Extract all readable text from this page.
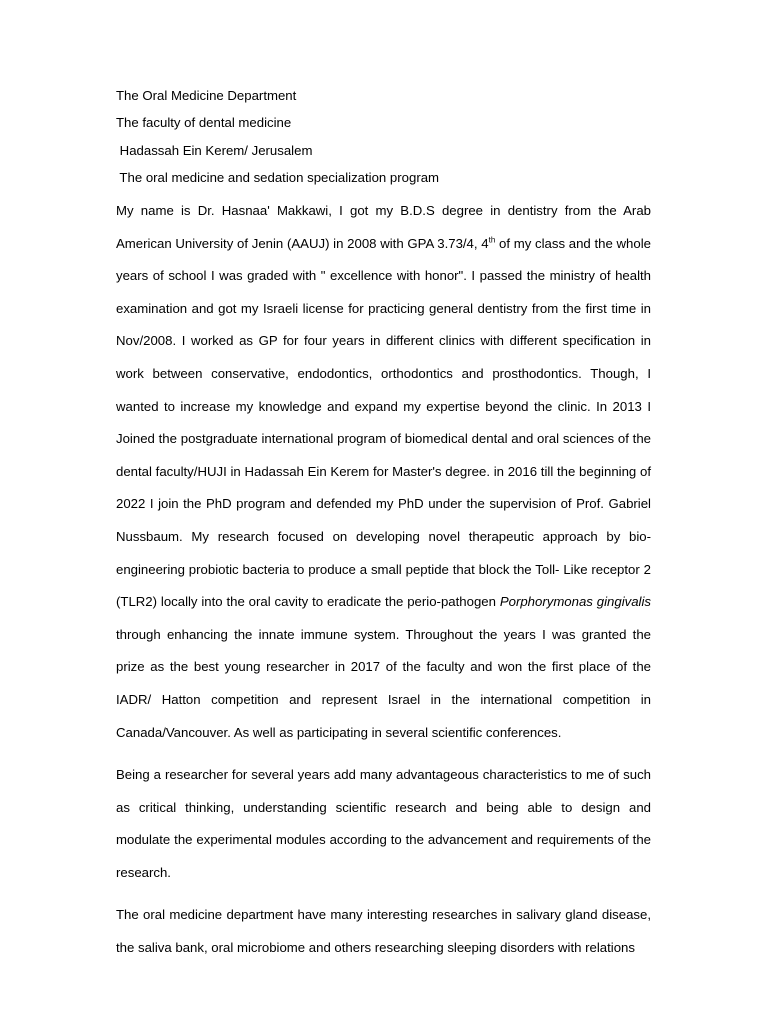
The Oral Medicine Department
The faculty of dental medicine
Hadassah Ein Kerem/ Jerusalem
The oral medicine and sedation specialization program

My name is Dr. Hasnaa' Makkawi, I got my B.D.S degree in dentistry from the Arab American University of Jenin (AAUJ) in 2008 with GPA 3.73/4, 4th of my class and the whole years of school I was graded with " excellence with honor". I passed the ministry of health examination and got my Israeli license for practicing general dentistry from the first time in Nov/2008. I worked as GP for four years in different clinics with different specification in work between conservative, endodontics, orthodontics and prosthodontics. Though, I wanted to increase my knowledge and expand my expertise beyond the clinic. In 2013 I Joined the postgraduate international program of biomedical dental and oral sciences of the dental faculty/HUJI in Hadassah Ein Kerem for Master's degree. in 2016 till the beginning of 2022 I join the PhD program and defended my PhD under the supervision of Prof. Gabriel Nussbaum. My research focused on developing novel therapeutic approach by bio-engineering probiotic bacteria to produce a small peptide that block the Toll- Like receptor 2 (TLR2) locally into the oral cavity to eradicate the perio-pathogen Porphorymonas gingivalis through enhancing the innate immune system. Throughout the years I was granted the prize as the best young researcher in 2017 of the faculty and won the first place of the IADR/ Hatton competition and represent Israel in the international competition in Canada/Vancouver. As well as participating in several scientific conferences.

Being a researcher for several years add many advantageous characteristics to me of such as critical thinking, understanding scientific research and being able to design and modulate the experimental modules according to the advancement and requirements of the research.

The oral medicine department have many interesting researches in salivary gland disease, the saliva bank, oral microbiome and others researching sleeping disorders with relations
